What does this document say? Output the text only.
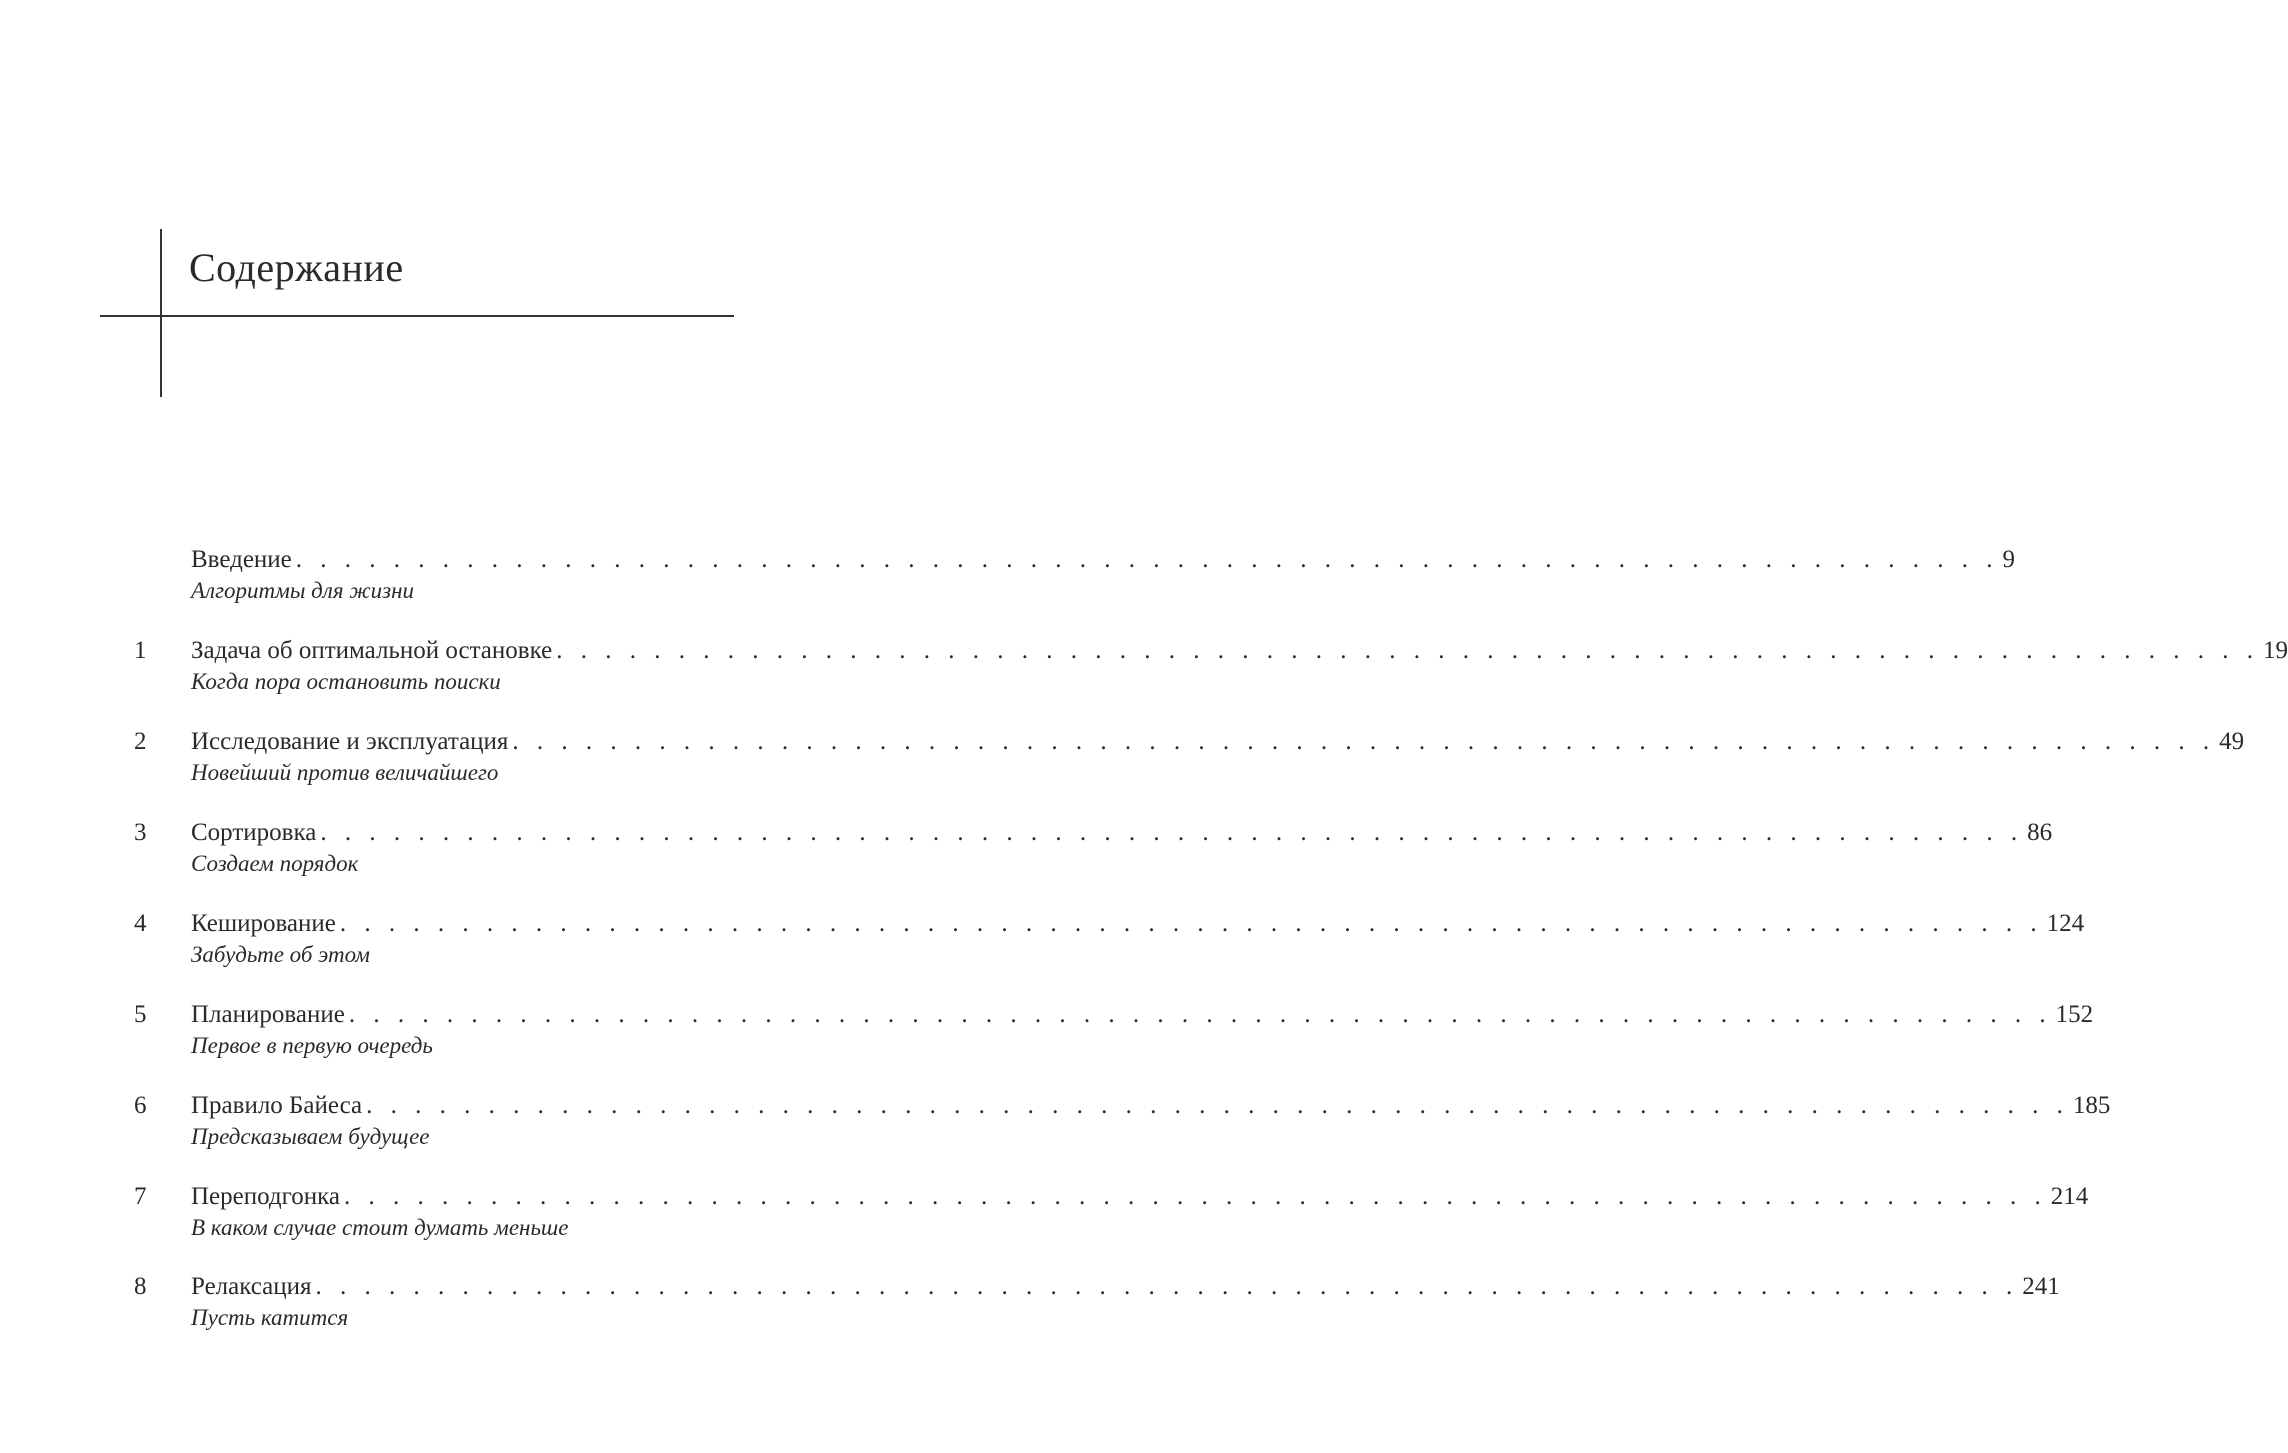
Содержание
Введение . . . . . . . . . . . . . . . . . . . . . . . . . . . . . . . . . . . . . . . . . . . . . . . . . . . . . . . . . . . . . . . . . . . . . . 9
Алгоритмы для жизни
1	Задача об оптимальной остановке . . . . . . . . . . . . . . . . . . . . . . . . . . . . . . . . . . . . . . . . . . . . . . . . . . . . . . . . . . . . . . . . . . . . . . 19
Когда пора остановить поиски
2	Исследование и эксплуатация . . . . . . . . . . . . . . . . . . . . . . . . . . . . . . . . . . . . . . . . . . . . . . . . . . . . . . . . . . . . . . . . . . . . . . 49
Новейший против величайшего
3	Сортировка . . . . . . . . . . . . . . . . . . . . . . . . . . . . . . . . . . . . . . . . . . . . . . . . . . . . . . . . . . . . . . . . . . . . . . 86
Создаем порядок
4	Кеширование . . . . . . . . . . . . . . . . . . . . . . . . . . . . . . . . . . . . . . . . . . . . . . . . . . . . . . . . . . . . . . . . . . . . . . 124
Забудьте об этом
5	Планирование . . . . . . . . . . . . . . . . . . . . . . . . . . . . . . . . . . . . . . . . . . . . . . . . . . . . . . . . . . . . . . . . . . . . . . 152
Первое в первую очередь
6	Правило Байеса . . . . . . . . . . . . . . . . . . . . . . . . . . . . . . . . . . . . . . . . . . . . . . . . . . . . . . . . . . . . . . . . . . . . . . 185
Предсказываем будущее
7	Переподгонка . . . . . . . . . . . . . . . . . . . . . . . . . . . . . . . . . . . . . . . . . . . . . . . . . . . . . . . . . . . . . . . . . . . . . . 214
В каком случае стоит думать меньше
8	Релаксация . . . . . . . . . . . . . . . . . . . . . . . . . . . . . . . . . . . . . . . . . . . . . . . . . . . . . . . . . . . . . . . . . . . . . . 241
Пусть катится
